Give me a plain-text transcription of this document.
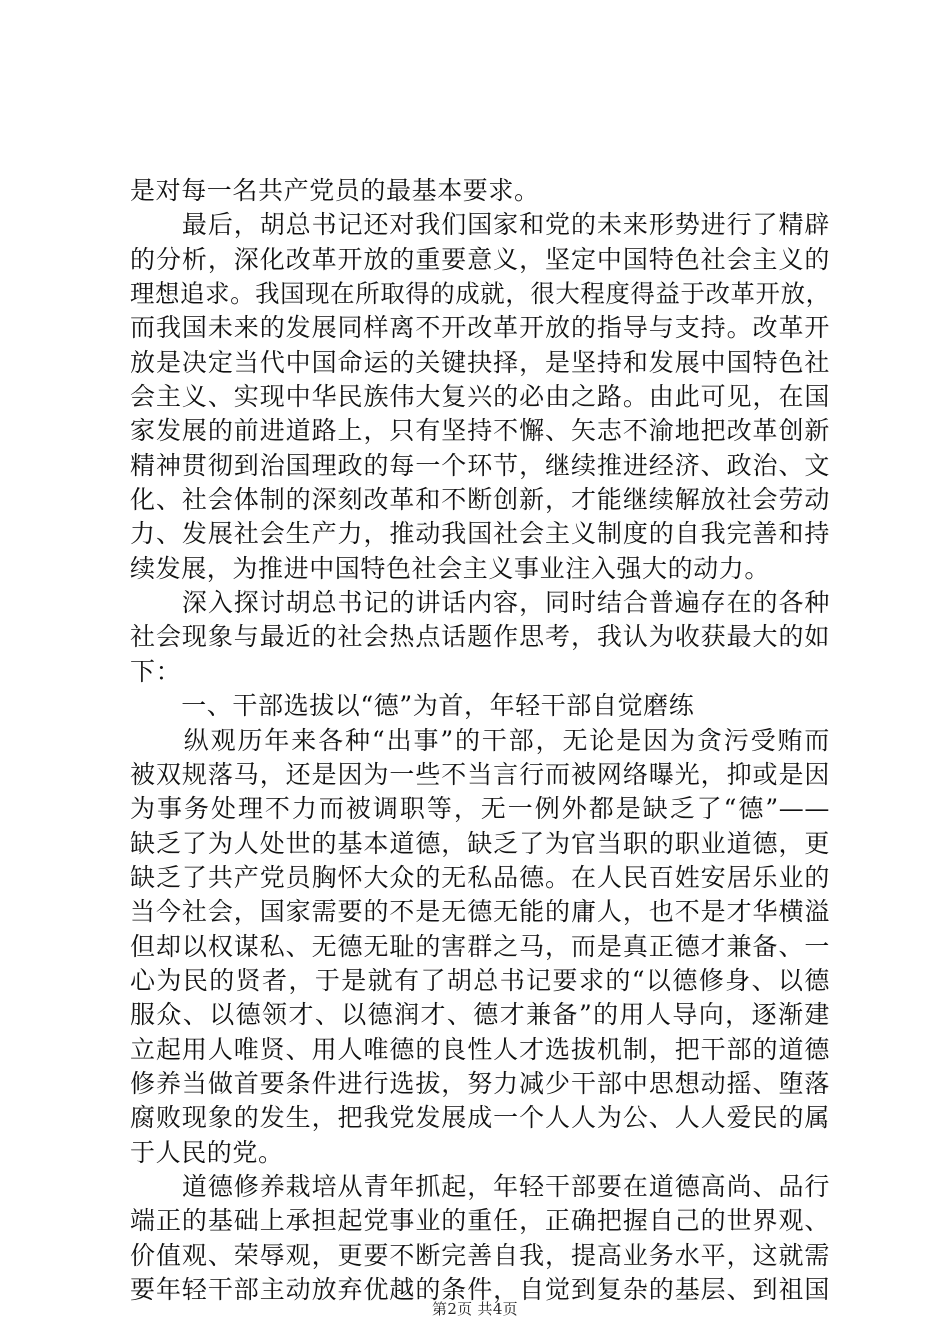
是对每一名共产党员的最基本要求。
　　最后，胡总书记还对我们国家和党的未来形势进行了精辟
的分析，深化改革开放的重要意义，坚定中国特色社会主义的
理想追求。我国现在所取得的成就，很大程度得益于改革开放，
而我国未来的发展同样离不开改革开放的指导与支持。改革开
放是决定当代中国命运的关键抉择，是坚持和发展中国特色社
会主义、实现中华民族伟大复兴的必由之路。由此可见，在国
家发展的前进道路上，只有坚持不懈、矢志不渝地把改革创新
精神贯彻到治国理政的每一个环节，继续推进经济、政治、文
化、社会体制的深刻改革和不断创新，才能继续解放社会劳动
力、发展社会生产力，推动我国社会主义制度的自我完善和持
续发展，为推进中国特色社会主义事业注入强大的动力。
　　深入探讨胡总书记的讲话内容，同时结合普遍存在的各种
社会现象与最近的社会热点话题作思考，我认为收获最大的如
下：
　　一、干部选拔以“德”为首，年轻干部自觉磨练
　　纵观历年来各种“出事”的干部，无论是因为贪污受贿而
被双规落马，还是因为一些不当言行而被网络曝光，抑或是因
为事务处理不力而被调职等，无一例外都是缺乏了“德”——
缺乏了为人处世的基本道德，缺乏了为官当职的职业道德，更
缺乏了共产党员胸怀大众的无私品德。在人民百姓安居乐业的
当今社会，国家需要的不是无德无能的庸人，也不是才华横溢
但却以权谋私、无德无耻的害群之马，而是真正德才兼备、一
心为民的贤者，于是就有了胡总书记要求的“以德修身、以德
服众、以德领才、以德润才、德才兼备”的用人导向，逐渐建
立起用人唯贤、用人唯德的良性人才选拔机制，把干部的道德
修养当做首要条件进行选拔，努力减少干部中思想动摇、堕落
腐败现象的发生，把我党发展成一个人人为公、人人爱民的属
于人民的党。
　　道德修养栽培从青年抓起，年轻干部要在道德高尚、品行
端正的基础上承担起党事业的重任，正确把握自己的世界观、
价值观、荣辱观，更要不断完善自我，提高业务水平，这就需
要年轻干部主动放弃优越的条件，自觉到复杂的基层、到祖国
第2页 共4页
